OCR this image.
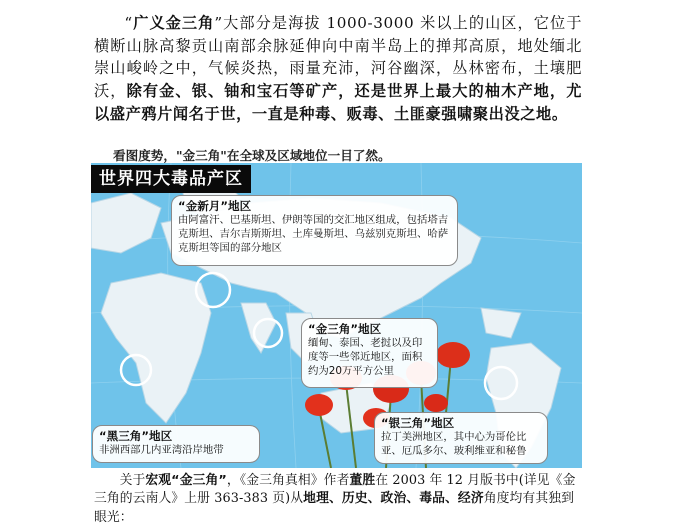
“广义金三角”大部分是海拔 1000-3000 米以上的山区，它位于横断山脉高黎贡山南部余脉延伸向中南半岛上的掸邦高原，地处缅北崇山峻岭之中，气候炎热，雨量充沛，河谷幽深，丛林密布，土壤肥沃，除有金、银、铀和宝石等矿产，还是世界上最大的柚木产地，尤以盛产鸦片闻名于世，一直是种毒、贩毒、土匪豪强啸聚出没之地。
看图度势，"金三角"在全球及区域地位一目了然。
世界四大毒品产区
“金新月”地区
由阿富汗、巴基斯坦、伊朗等国的交汇地区组成，包括塔吉克斯坦、吉尔吉斯斯坦、土库曼斯坦、乌兹别克斯坦、哈萨克斯坦等国的部分地区
“金三角”地区
缅甸、泰国、老挝以及印度等一些邻近地区，面积约为20万平方公里
“黑三角”地区
非洲西部几内亚湾沿岸地带
“银三角”地区
拉丁美洲地区，其中心为哥伦比亚、厄瓜多尔、玻利维亚和秘鲁
关于宏观“金三角”，《金三角真相》作者董胜在 2003 年 12 月版书中(详见《金三角的云南人》上册 363-383 页)从地理、历史、政治、毒品、经济角度均有其独到眼光：
